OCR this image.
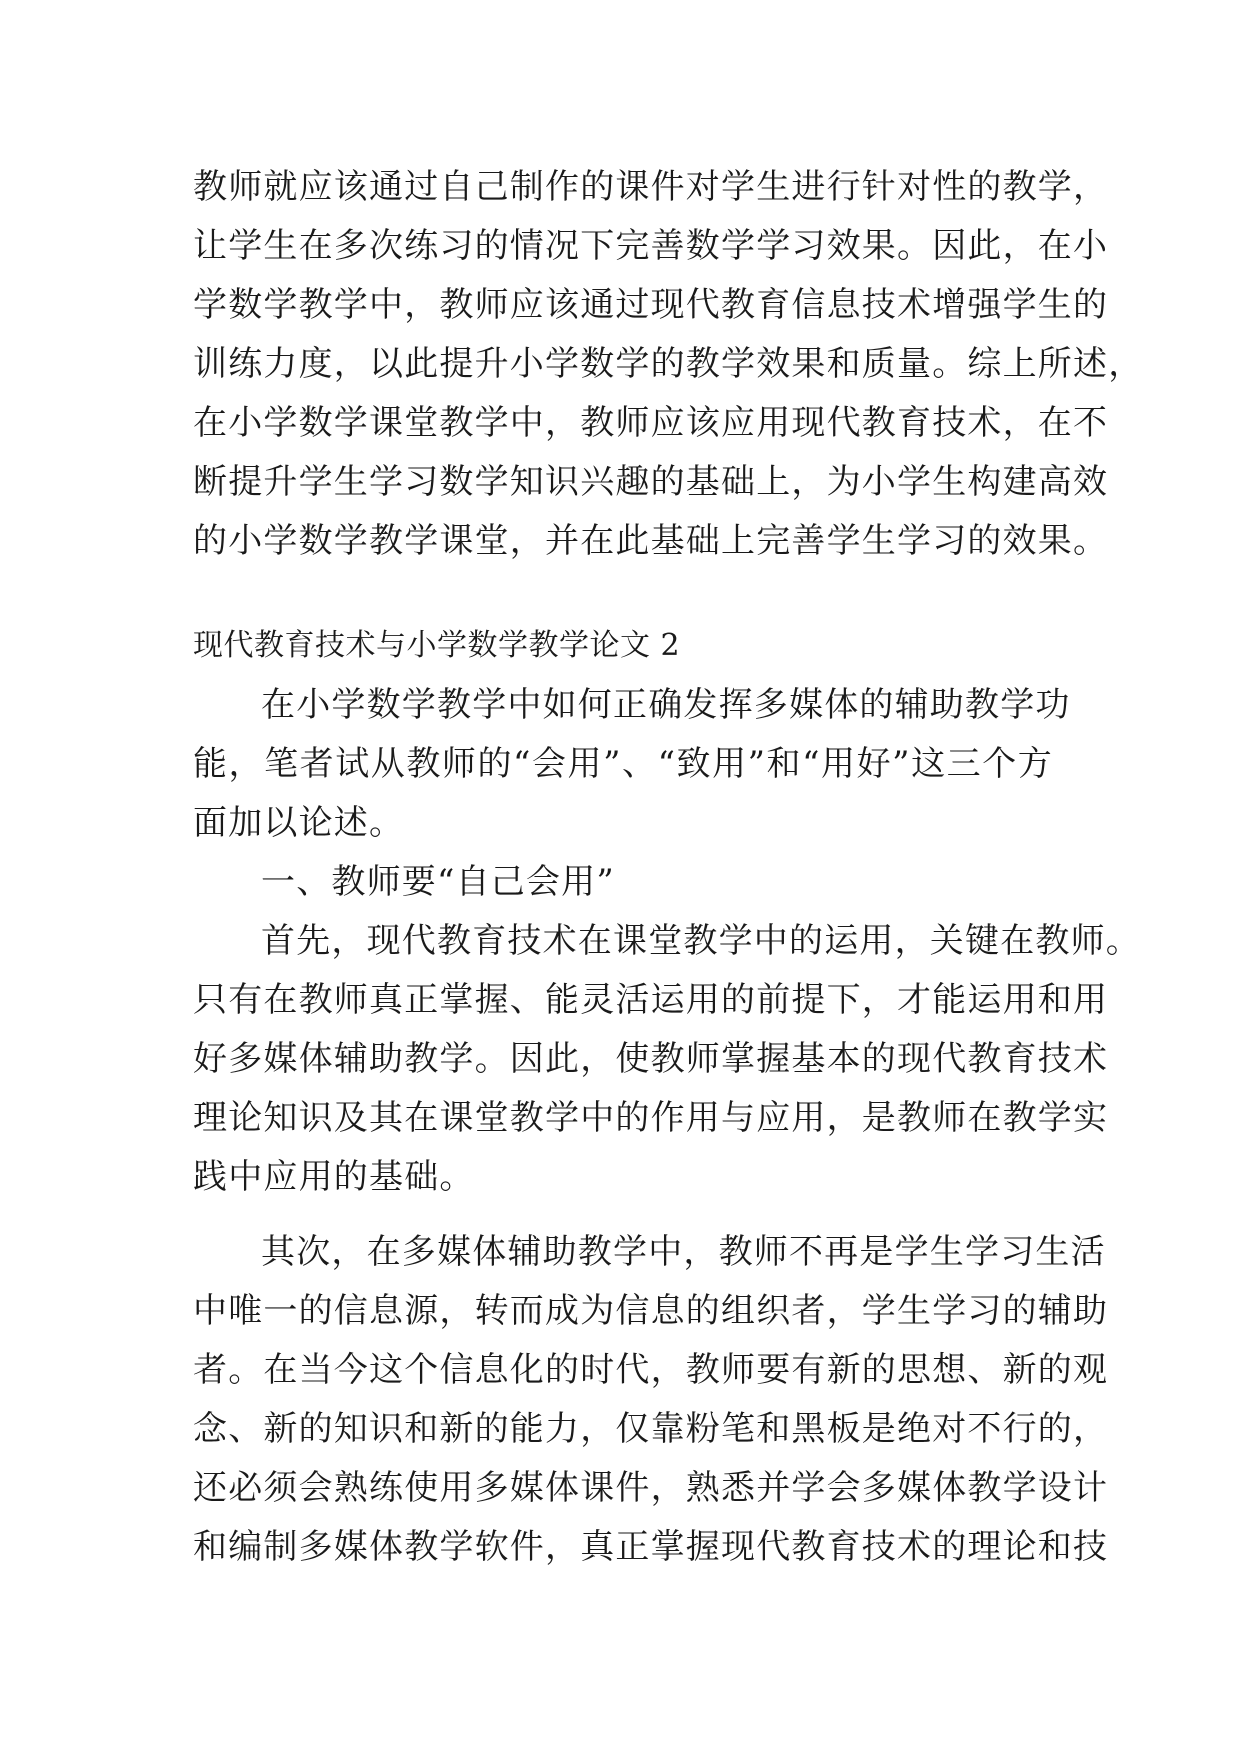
教师就应该通过自己制作的课件对学生进行针对性的教学，
让学生在多次练习的情况下完善数学学习效果。因此，在小
学数学教学中，教师应该通过现代教育信息技术增强学生的
训练力度，以此提升小学数学的教学效果和质量。综上所述，
在小学数学课堂教学中，教师应该应用现代教育技术，在不
断提升学生学习数学知识兴趣的基础上，为小学生构建高效
的小学数学教学课堂，并在此基础上完善学生学习的效果。
现代教育技术与小学数学教学论文 2
在小学数学教学中如何正确发挥多媒体的辅助教学功
能，笔者试从教师的“会用”、“致用”和“用好”这三个方
面加以论述。
一、教师要“自己会用”
首先，现代教育技术在课堂教学中的运用，关键在教师。
只有在教师真正掌握、能灵活运用的前提下，才能运用和用
好多媒体辅助教学。因此，使教师掌握基本的现代教育技术
理论知识及其在课堂教学中的作用与应用，是教师在教学实
践中应用的基础。
其次，在多媒体辅助教学中，教师不再是学生学习生活
中唯一的信息源，转而成为信息的组织者，学生学习的辅助
者。在当今这个信息化的时代，教师要有新的思想、新的观
念、新的知识和新的能力，仅靠粉笔和黑板是绝对不行的，
还必须会熟练使用多媒体课件，熟悉并学会多媒体教学设计
和编制多媒体教学软件，真正掌握现代教育技术的理论和技
